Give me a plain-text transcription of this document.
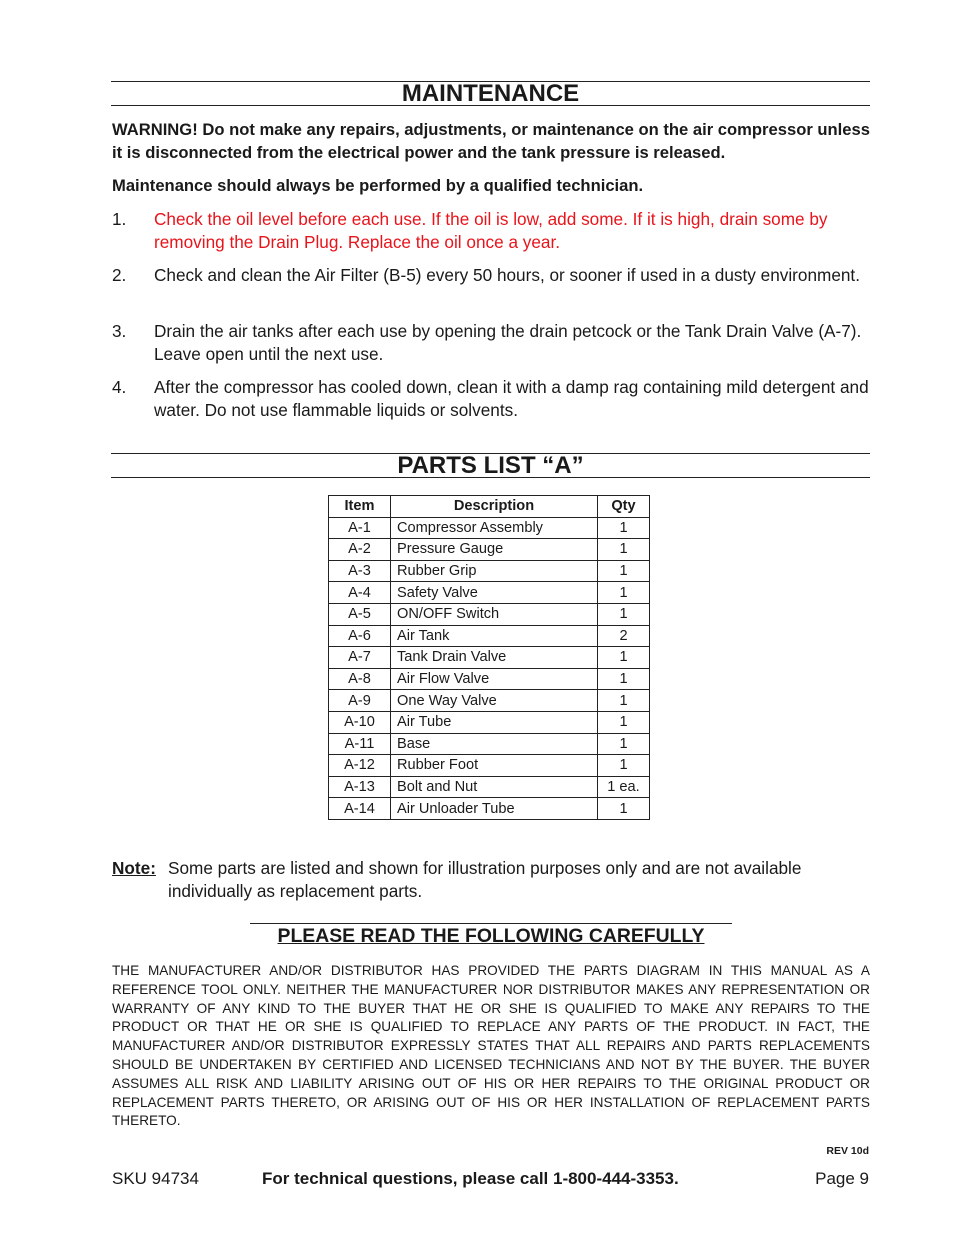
MAINTENANCE
WARNING! Do not make any repairs, adjustments, or maintenance on the air compressor unless it is disconnected from the electrical power and the tank pressure is released.
Maintenance should always be performed by a qualified technician.
1. Check the oil level before each use. If the oil is low, add some. If it is high, drain some by removing the Drain Plug. Replace the oil once a year.
2. Check and clean the Air Filter (B-5) every 50 hours, or sooner if used in a dusty environment.
3. Drain the air tanks after each use by opening the drain petcock or the Tank Drain Valve (A-7). Leave open until the next use.
4. After the compressor has cooled down, clean it with a damp rag containing mild detergent and water. Do not use flammable liquids or solvents.
PARTS LIST “A”
Item	Description	Qty
A-1	Compressor Assembly	1
A-2	Pressure Gauge	1
A-3	Rubber Grip	1
A-4	Safety Valve	1
A-5	ON/OFF Switch	1
A-6	Air Tank	2
A-7	Tank Drain Valve	1
A-8	Air Flow Valve	1
A-9	One Way Valve	1
A-10	Air Tube	1
A-11	Base	1
A-12	Rubber Foot	1
A-13	Bolt and Nut	1 ea.
A-14	Air Unloader Tube	1
Note: Some parts are listed and shown for illustration purposes only and are not available individually as replacement parts.
PLEASE READ THE FOLLOWING CAREFULLY
THE MANUFACTURER AND/OR DISTRIBUTOR HAS PROVIDED THE PARTS DIAGRAM IN THIS MANUAL AS A REFERENCE TOOL ONLY. NEITHER THE MANUFACTURER NOR DISTRIBUTOR MAKES ANY REPRESENTATION OR WARRANTY OF ANY KIND TO THE BUYER THAT HE OR SHE IS QUALIFIED TO MAKE ANY REPAIRS TO THE PRODUCT OR THAT HE OR SHE IS QUALIFIED TO REPLACE ANY PARTS OF THE PRODUCT. IN FACT, THE MANUFACTURER AND/OR DISTRIBUTOR EXPRESSLY STATES THAT ALL REPAIRS AND PARTS REPLACEMENTS SHOULD BE UNDERTAKEN BY CERTIFIED AND LICENSED TECHNICIANS AND NOT BY THE BUYER. THE BUYER ASSUMES ALL RISK AND LIABILITY ARISING OUT OF HIS OR HER REPAIRS TO THE ORIGINAL PRODUCT OR REPLACEMENT PARTS THERETO, OR ARISING OUT OF HIS OR HER INSTALLATION OF REPLACEMENT PARTS THERETO.
REV 10d
SKU 94734	For technical questions, please call 1-800-444-3353.	Page 9
